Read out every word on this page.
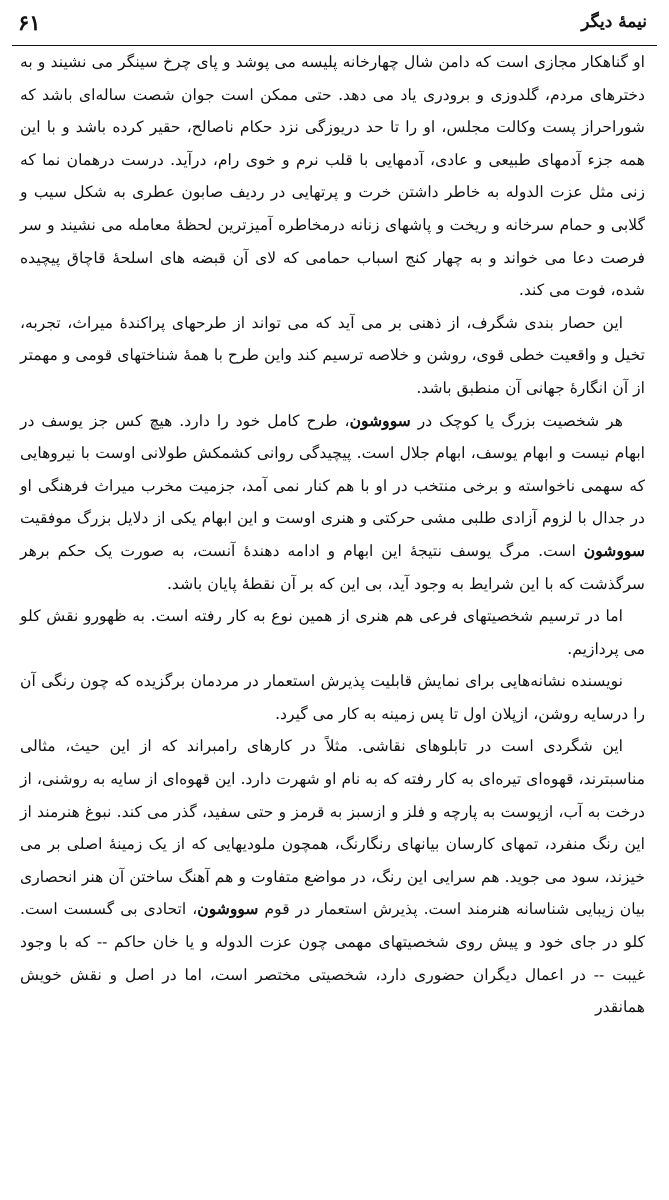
نیمهٔ دیگر
۶۱

او گناهکار مجازی است که دامن شال چهارخانه پلیسه می پوشد و پای چرخ سینگر می نشیند و به دخترهای مردم، گلدوزی و برودری یاد می دهد. حتی ممکن است جوان شصت ساله‌ای باشد که شوراحراز پست وکالت مجلس، او را تا حد دریوزگی نزد حکام ناصالح، حقیر کرده باشد و با این همه جزء آدمهای طبیعی و عادی، آدمهایی با قلب نرم و خوی رام، درآید. درست درهمان نما که زنی مثل عزت الدوله به خاطر داشتن خرت و پرتهایی در ردیف صابون عطری به شکل سیب و گلابی و حمام سرخانه و ریخت و پاشهای زنانه درمخاطره آمیزترین لحظهٔ معامله می نشیند و سر فرصت دعا می خواند و به چهار کنج اسباب حمامی که لای آن قبضه های اسلحهٔ قاچاق پیچیده شده، فوت می کند.

این حصار بندی شگرف، از ذهنی بر می آید که می تواند از طرحهای پراکندهٔ میراث، تجربه، تخیل و واقعیت خطی قوی، روشن و خلاصه ترسیم کند واین طرح با همهٔ شناختهای قومی و مهمتر از آن انگارهٔ جهانی آن منطبق باشد.

هر شخصیت بزرگ یا کوچک در سووشون، طرح کامل خود را دارد. هیچ کس جز یوسف در ابهام نیست و ابهام یوسف، ابهام جلال است. پیچیدگی روانی کشمکش طولانی اوست با نیروهایی که سهمی ناخواسته و برخی منتخب در او با هم کنار نمی آمد، جزمیت مخرب میراث فرهنگی او در جدال با لزوم آزادی طلبی مشی حرکتی و هنری اوست و این ابهام یکی از دلایل بزرگ موفقیت سووشون است. مرگ یوسف نتیجهٔ این ابهام و ادامه دهندهٔ آنست، به صورت یک حکم برهر سرگذشت که با این شرایط به وجود آید، بی این که بر آن نقطهٔ پایان باشد.

اما در ترسیم شخصیتهای فرعی هم هنری از همین نوع به کار رفته است. به ظهورو نقش کلو می پردازیم.

نویسنده نشانه‌هایی برای نمایش قابلیت پذیرش استعمار در مردمان برگزیده که چون رنگی آن را درسایه روشن، ازپلان اول تا پس زمینه به کار می گیرد.

این شگردی است در تابلوهای نقاشی. مثلاً در کارهای رامبراند که از این حیث، مثالی مناسبترند، قهوه‌ای تیره‌ای به کار رفته که به نام او شهرت دارد. این قهوه‌ای از سایه به روشنی، از درخت به آب، ازپوست به پارچه و فلز و ازسبز به قرمز و حتی سفید، گذر می کند. نبوغ هنرمند از این رنگ منفرد، تمهای کارسان بیانهای رنگارنگ، همچون ملودیهایی که از یک زمینهٔ اصلی بر می خیزند، سود می جوید. هم سرایی این رنگ، در مواضع متفاوت و هم آهنگ ساختن آن هنر انحصاری بیان زیبایی شناسانه هنرمند است. پذیرش استعمار در قوم سووشون، اتحادی بی گسست است. کلو در جای خود و پیش روی شخصیتهای مهمی چون عزت الدوله و یا خان حاکم -- که با وجود غیبت -- در اعمال دیگران حضوری دارد، شخصیتی مختصر است، اما در اصل و نقش خویش همانقدر
